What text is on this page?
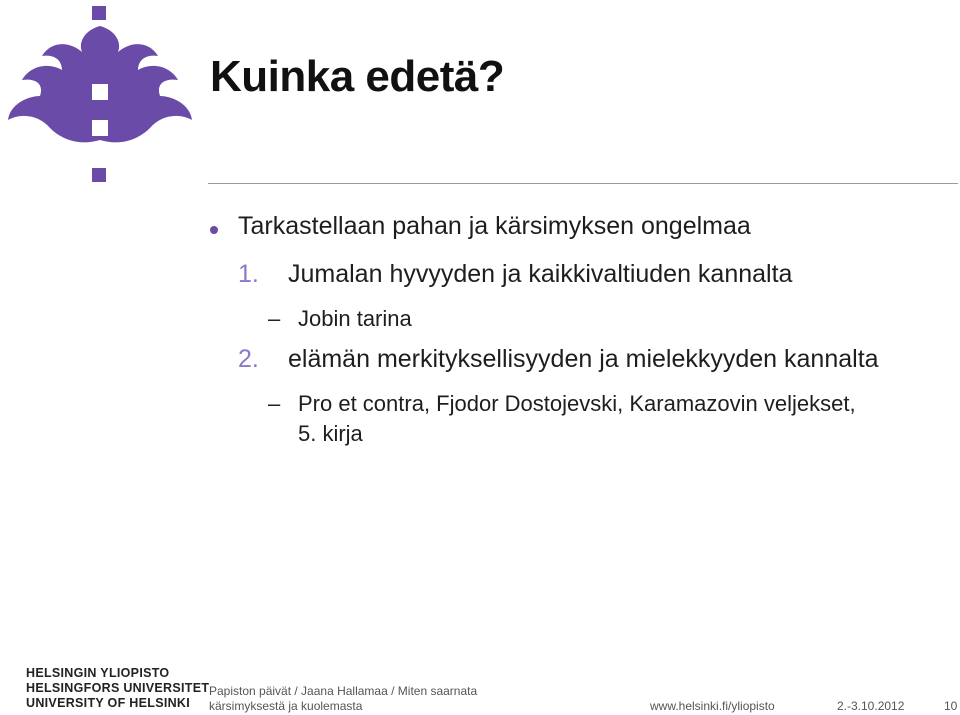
Kuinka edetä?
Tarkastellaan pahan ja kärsimyksen ongelmaa
1. Jumalan hyvyyden ja kaikkivaltiuden kannalta
– Jobin tarina
2. elämän merkityksellisyyden ja mielekkyyden kannalta
– Pro et contra, Fjodor Dostojevski, Karamazovin veljekset,
5. kirja
HELSINGIN YLIOPISTO
HELSINGFORS UNIVERSITET
UNIVERSITY OF HELSINKI
Papiston päivät / Jaana Hallamaa / Miten saarnata
kärsimyksestä ja kuolemasta	www.helsinki.fi/yliopisto	2.-3.10.2012	10
